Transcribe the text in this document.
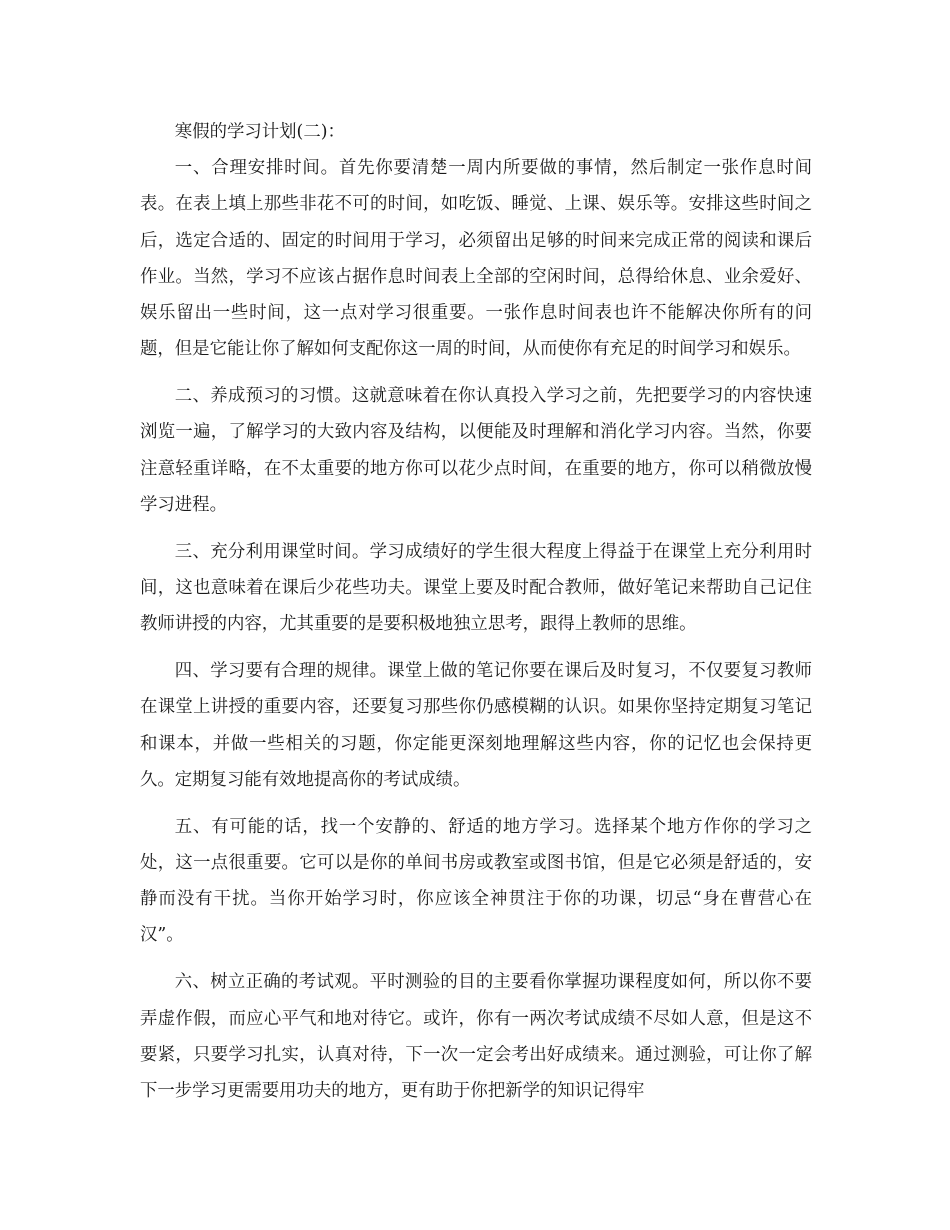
寒假的学习计划(二)：

一、合理安排时间。首先你要清楚一周内所要做的事情，然后制定一张作息时间表。在表上填上那些非花不可的时间，如吃饭、睡觉、上课、娱乐等。安排这些时间之后，选定合适的、固定的时间用于学习，必须留出足够的时间来完成正常的阅读和课后作业。当然，学习不应该占据作息时间表上全部的空闲时间，总得给休息、业余爱好、娱乐留出一些时间，这一点对学习很重要。一张作息时间表也许不能解决你所有的问题，但是它能让你了解如何支配你这一周的时间，从而使你有充足的时间学习和娱乐。

二、养成预习的习惯。这就意味着在你认真投入学习之前，先把要学习的内容快速浏览一遍，了解学习的大致内容及结构，以便能及时理解和消化学习内容。当然，你要注意轻重详略，在不太重要的地方你可以花少点时间，在重要的地方，你可以稍微放慢学习进程。

三、充分利用课堂时间。学习成绩好的学生很大程度上得益于在课堂上充分利用时间，这也意味着在课后少花些功夫。课堂上要及时配合教师，做好笔记来帮助自己记住教师讲授的内容，尤其重要的是要积极地独立思考，跟得上教师的思维。

四、学习要有合理的规律。课堂上做的笔记你要在课后及时复习，不仅要复习教师在课堂上讲授的重要内容，还要复习那些你仍感模糊的认识。如果你坚持定期复习笔记和课本，并做一些相关的习题，你定能更深刻地理解这些内容，你的记忆也会保持更久。定期复习能有效地提高你的考试成绩。

五、有可能的话，找一个安静的、舒适的地方学习。选择某个地方作你的学习之处，这一点很重要。它可以是你的单间书房或教室或图书馆，但是它必须是舒适的，安静而没有干扰。当你开始学习时，你应该全神贯注于你的功课，切忌“身在曹营心在汉”。

六、树立正确的考试观。平时测验的目的主要看你掌握功课程度如何，所以你不要弄虚作假，而应心平气和地对待它。或许，你有一两次考试成绩不尽如人意，但是这不要紧，只要学习扎实，认真对待，下一次一定会考出好成绩来。通过测验，可让你了解下一步学习更需要用功夫的地方，更有助于你把新学的知识记得牢
